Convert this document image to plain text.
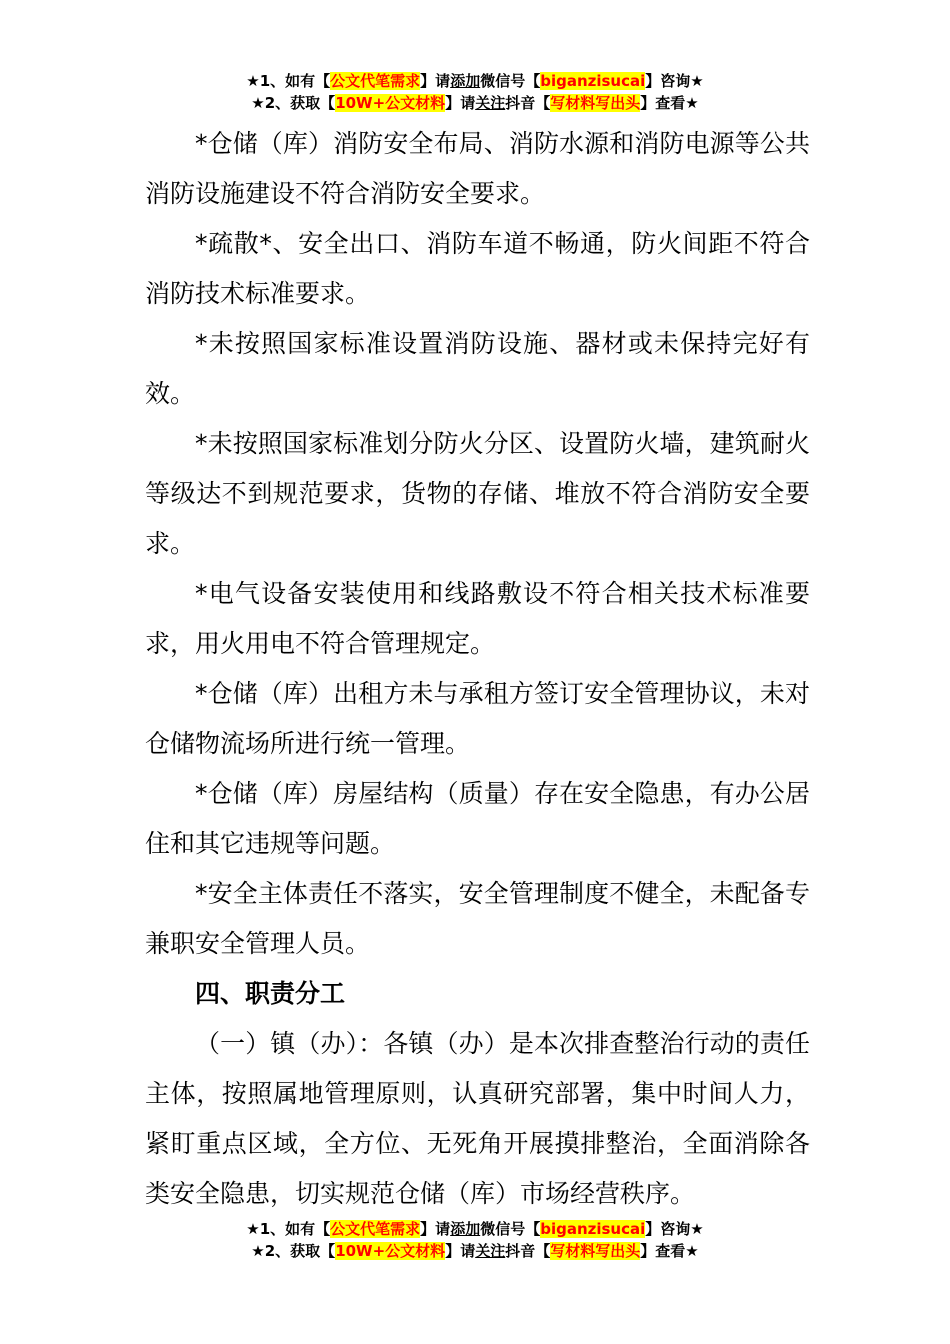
★1、如有【公文代笔需求】请添加微信号【biganzisucai】咨询★
★2、获取【10W+公文材料】请关注抖音【写材料写出头】查看★

*仓储（库）消防安全布局、消防水源和消防电源等公共消防设施建设不符合消防安全要求。

*疏散*、安全出口、消防车道不畅通，防火间距不符合消防技术标准要求。

*未按照国家标准设置消防设施、器材或未保持完好有效。

*未按照国家标准划分防火分区、设置防火墙，建筑耐火等级达不到规范要求，货物的存储、堆放不符合消防安全要求。

*电气设备安装使用和线路敷设不符合相关技术标准要求，用火用电不符合管理规定。

*仓储（库）出租方未与承租方签订安全管理协议，未对仓储物流场所进行统一管理。

*仓储（库）房屋结构（质量）存在安全隐患，有办公居住和其它违规等问题。

*安全主体责任不落实，安全管理制度不健全，未配备专兼职安全管理人员。

四、职责分工

（一）镇（办）：各镇（办）是本次排查整治行动的责任主体，按照属地管理原则，认真研究部署，集中时间人力，紧盯重点区域，全方位、无死角开展摸排整治，全面消除各类安全隐患，切实规范仓储（库）市场经营秩序。

★1、如有【公文代笔需求】请添加微信号【biganzisucai】咨询★
★2、获取【10W+公文材料】请关注抖音【写材料写出头】查看★
